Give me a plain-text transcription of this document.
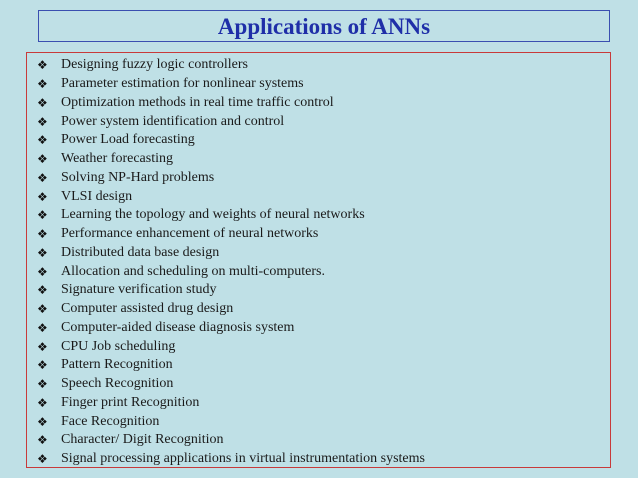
Applications of ANNs
❖ Designing fuzzy logic controllers
❖ Parameter estimation for nonlinear systems
❖ Optimization methods in real time traffic control
❖ Power system identification and control
❖ Power Load forecasting
❖ Weather forecasting
❖ Solving NP-Hard problems
❖ VLSI design
❖ Learning the topology and weights of neural networks
❖ Performance enhancement of neural networks
❖ Distributed data base design
❖ Allocation and scheduling on multi-computers.
❖ Signature verification study
❖ Computer assisted drug design
❖ Computer-aided disease diagnosis system
❖ CPU Job scheduling
❖ Pattern Recognition
❖ Speech Recognition
❖ Finger print Recognition
❖ Face Recognition
❖ Character/ Digit Recognition
❖ Signal processing applications in virtual instrumentation systems
